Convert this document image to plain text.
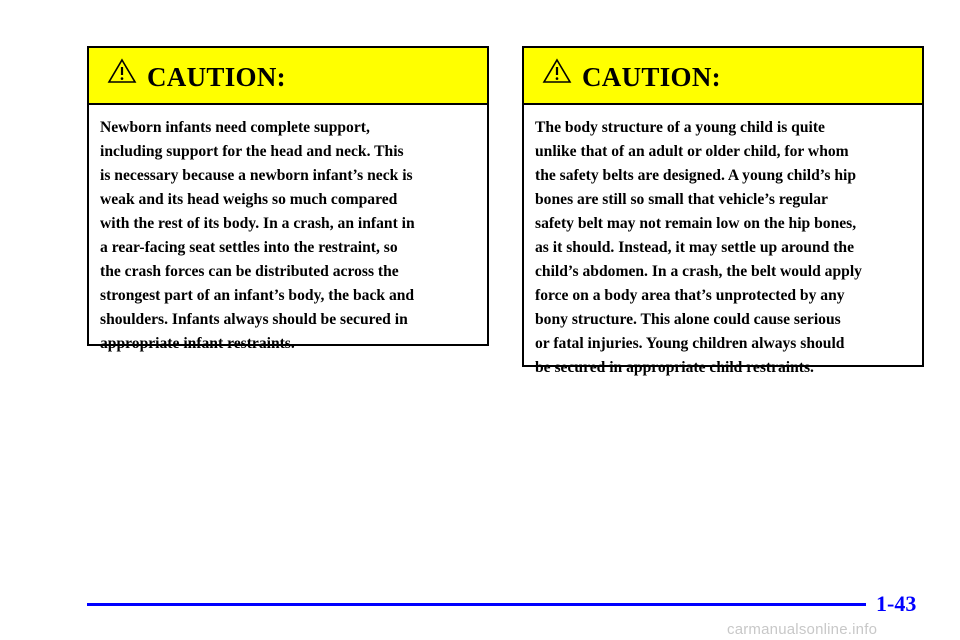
CAUTION:
Newborn infants need complete support,
including support for the head and neck. This
is necessary because a newborn infant’s neck is
weak and its head weighs so much compared
with the rest of its body. In a crash, an infant in
a rear-facing seat settles into the restraint, so
the crash forces can be distributed across the
strongest part of an infant’s body, the back and
shoulders. Infants always should be secured in
appropriate infant restraints.
CAUTION:
The body structure of a young child is quite
unlike that of an adult or older child, for whom
the safety belts are designed. A young child’s hip
bones are still so small that vehicle’s regular
safety belt may not remain low on the hip bones,
as it should. Instead, it may settle up around the
child’s abdomen. In a crash, the belt would apply
force on a body area that’s unprotected by any
bony structure. This alone could cause serious
or fatal injuries. Young children always should
be secured in appropriate child restraints.
1-43
carmanualsonline.info
